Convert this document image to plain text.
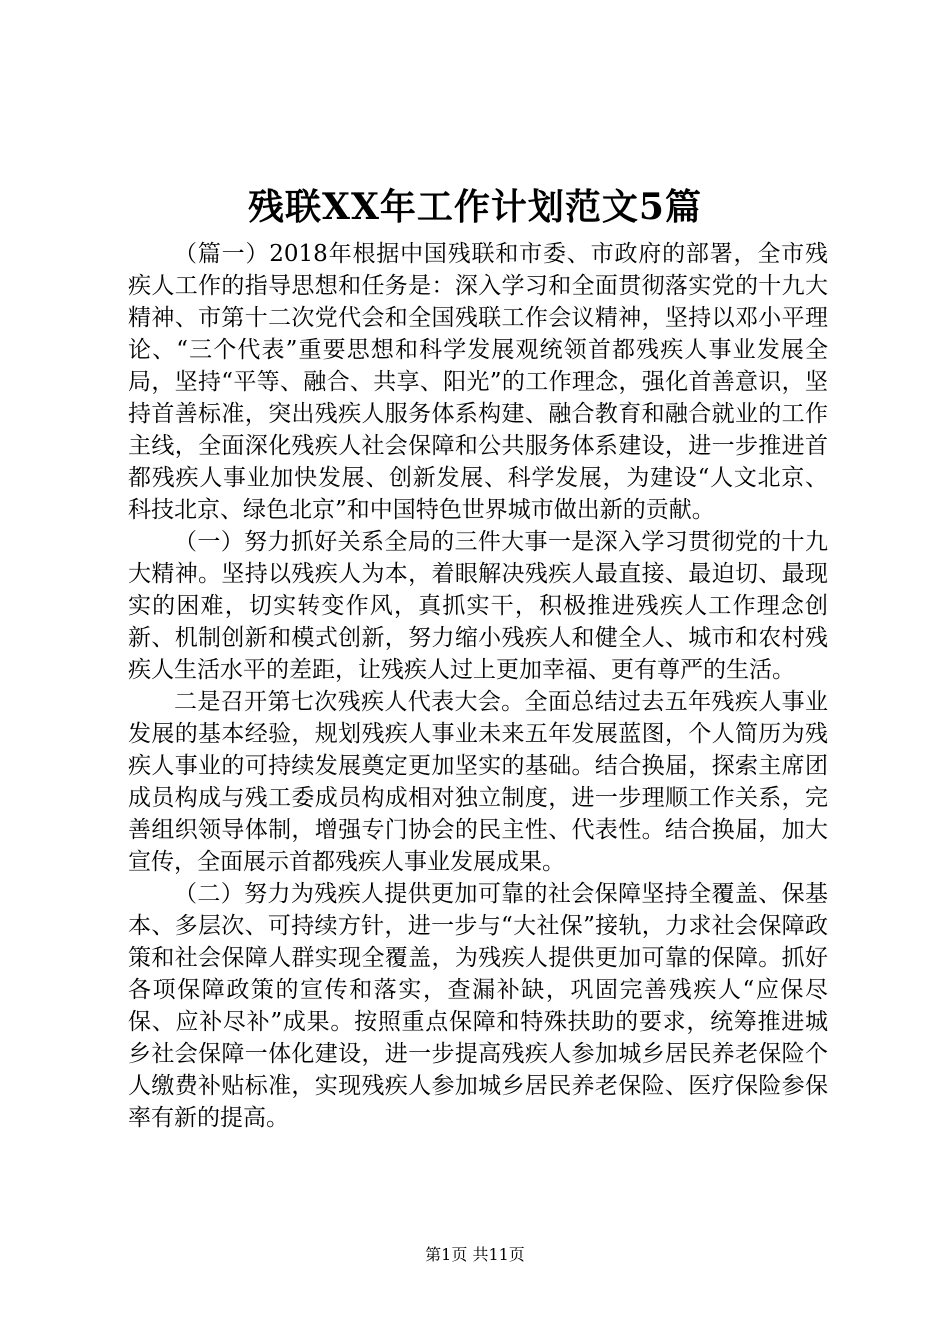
残联XX年工作计划范文5篇

（篇一）2018年根据中国残联和市委、市政府的部署，全市残疾人工作的指导思想和任务是：深入学习和全面贯彻落实党的十九大精神、市第十二次党代会和全国残联工作会议精神，坚持以邓小平理论、“三个代表”重要思想和科学发展观统领首都残疾人事业发展全局，坚持“平等、融合、共享、阳光”的工作理念，强化首善意识，坚持首善标准，突出残疾人服务体系构建、融合教育和融合就业的工作主线，全面深化残疾人社会保障和公共服务体系建设，进一步推进首都残疾人事业加快发展、创新发展、科学发展，为建设“人文北京、科技北京、绿色北京”和中国特色世界城市做出新的贡献。

（一）努力抓好关系全局的三件大事一是深入学习贯彻党的十九大精神。坚持以残疾人为本，着眼解决残疾人最直接、最迫切、最现实的困难，切实转变作风，真抓实干，积极推进残疾人工作理念创新、机制创新和模式创新，努力缩小残疾人和健全人、城市和农村残疾人生活水平的差距，让残疾人过上更加幸福、更有尊严的生活。

二是召开第七次残疾人代表大会。全面总结过去五年残疾人事业发展的基本经验，规划残疾人事业未来五年发展蓝图，个人简历为残疾人事业的可持续发展奠定更加坚实的基础。结合换届，探索主席团成员构成与残工委成员构成相对独立制度，进一步理顺工作关系，完善组织领导体制，增强专门协会的民主性、代表性。结合换届，加大宣传，全面展示首都残疾人事业发展成果。

（二）努力为残疾人提供更加可靠的社会保障坚持全覆盖、保基本、多层次、可持续方针，进一步与“大社保”接轨，力求社会保障政策和社会保障人群实现全覆盖，为残疾人提供更加可靠的保障。抓好各项保障政策的宣传和落实，查漏补缺，巩固完善残疾人“应保尽保、应补尽补”成果。按照重点保障和特殊扶助的要求，统筹推进城乡社会保障一体化建设，进一步提高残疾人参加城乡居民养老保险个人缴费补贴标准，实现残疾人参加城乡居民养老保险、医疗保险参保率有新的提高。

第1页 共11页
